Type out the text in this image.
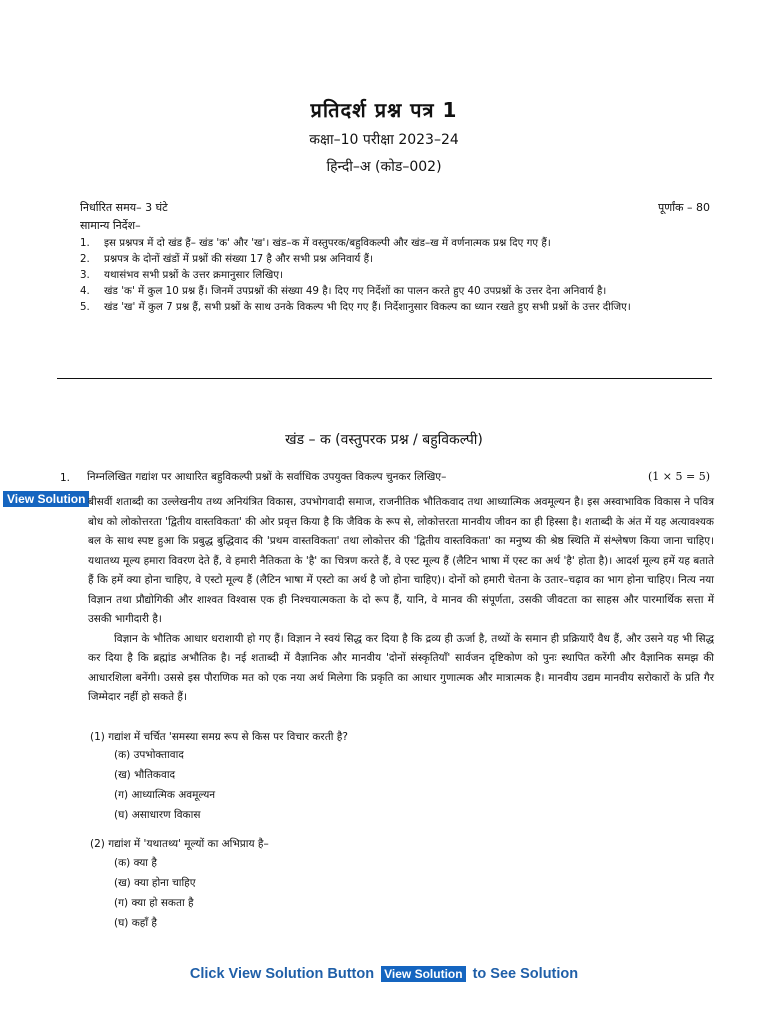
प्रतिदर्श प्रश्न पत्र 1
कक्षा–10 परीक्षा 2023–24
हिन्दी–अ (कोड–002)
निर्धारित समय– 3 घंटे	पूर्णांक – 80
सामान्य निर्देश–
1. इस प्रश्नपत्र में दो खंड हैं– खंड 'क' और 'ख'। खंड–क में वस्तुपरक/बहुविकल्पी और खंड–ख में वर्णनात्मक प्रश्न दिए गए हैं।
2. प्रश्नपत्र के दोनों खंडों में प्रश्नों की संख्या 17 है और सभी प्रश्न अनिवार्य हैं।
3. यथासंभव सभी प्रश्नों के उत्तर क्रमानुसार लिखिए।
4. खंड 'क' में कुल 10 प्रश्न हैं। जिनमें उपप्रश्नों की संख्या 49 है। दिए गए निर्देशों का पालन करते हुए 40 उपप्रश्नों के उत्तर देना अनिवार्य है।
5. खंड 'ख' में कुल 7 प्रश्न हैं, सभी प्रश्नों के साथ उनके विकल्प भी दिए गए हैं। निर्देशानुसार विकल्प का ध्यान रखते हुए सभी प्रश्नों के उत्तर दीजिए।
खंड – क (वस्तुपरक प्रश्न / बहुविकल्पी)
1. निम्नलिखित गद्यांश पर आधारित बहुविकल्पी प्रश्नों के सर्वाधिक उपयुक्त विकल्प चुनकर लिखिए–	(1 × 5 = 5)
View Solution बीसवीं शताब्दी का उल्लेखनीय तथ्य अनियंत्रित विकास, उपभोगवादी समाज, राजनीतिक भौतिकवाद तथा आध्यात्मिक अवमूल्यन है। इस अस्वाभाविक विकास ने पवित्र बोध को लोकोत्तरता 'द्वितीय वास्तविकता' की ओर प्रवृत्त किया है कि जैविक के रूप से, लोकोत्तरता मानवीय जीवन का ही हिस्सा है। शताब्दी के अंत में यह अत्यावश्यक बल के साथ स्पष्ट हुआ कि प्रबुद्ध बुद्धिवाद की 'प्रथम वास्तविकता' तथा लोकोत्तर की 'द्वितीय वास्तविकता' का मनुष्य की श्रेष्ठ स्थिति में संश्लेषण किया जाना चाहिए। यथातथ्य मूल्य हमारा विवरण देते हैं, वे हमारी नैतिकता के 'है' का चित्रण करते हैं, वे एस्ट मूल्य हैं (लैटिन भाषा में एस्ट का अर्थ 'है' होता है)। आदर्श मूल्य हमें यह बताते हैं कि हमें क्या होना चाहिए, वे एस्टो मूल्य हैं (लैटिन भाषा में एस्टो का अर्थ है जो होना चाहिए)। दोनों को हमारी चेतना के उतार–चढ़ाव का भाग होना चाहिए। नित्य नया विज्ञान तथा प्रौद्योगिकी और शाश्वत विश्वास एक ही निश्चयात्मकता के दो रूप हैं, यानि, वे मानव की संपूर्णता, उसकी जीवटता का साहस और पारमार्थिक सत्ता में उसकी भागीदारी है।

विज्ञान के भौतिक आधार धराशायी हो गए हैं। विज्ञान ने स्वयं सिद्ध कर दिया है कि द्रव्य ही ऊर्जा है, तथ्यों के समान ही प्रक्रियाएँ वैध हैं, और उसने यह भी सिद्ध कर दिया है कि ब्रह्मांड अभौतिक है। नई शताब्दी में वैज्ञानिक और मानवीय 'दोनों संस्कृतियाँ' सार्वजन दृष्टिकोण को पुनः स्थापित करेंगी और वैज्ञानिक समझ की आधारशिला बनेंगी। उससे इस पौराणिक मत को एक नया अर्थ मिलेगा कि प्रकृति का आधार गुणात्मक और मात्रात्मक है। मानवीय उद्यम मानवीय सरोकारों के प्रति गैर जिम्मेदार नहीं हो सकते हैं।

(1) गद्यांश में चर्चित 'समस्या समग्र रूप से किस पर विचार करती है?
(क) उपभोक्तावाद
(ख) भौतिकवाद
(ग) आध्यात्मिक अवमूल्यन
(घ) असाधारण विकास
(2) गद्यांश में 'यथातथ्य' मूल्यों का अभिप्राय है–
(क) क्या है
(ख) क्या होना चाहिए
(ग) क्या हो सकता है
(घ) कहाँ है
Click View Solution Button View Solution to See Solution
